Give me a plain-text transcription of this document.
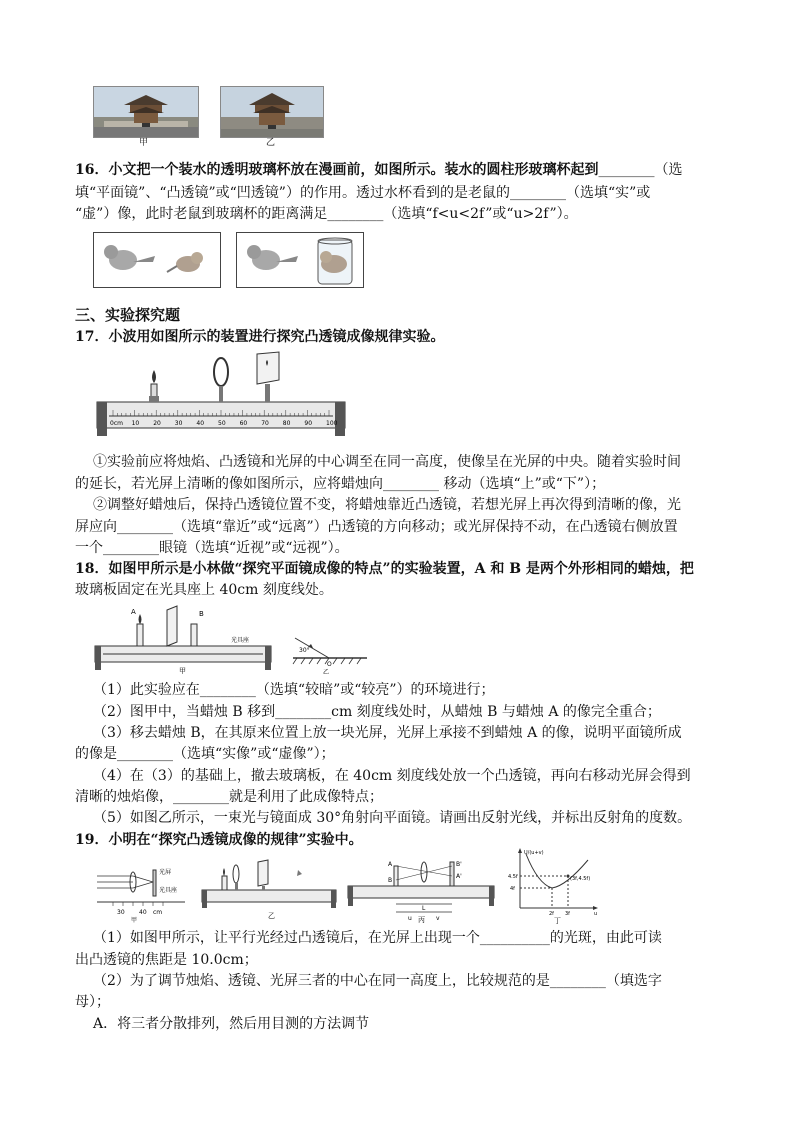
甲	乙
16．小文把一个装水的透明玻璃杯放在漫画前，如图所示。装水的圆柱形玻璃杯起到________（选
填“平面镜”、“凸透镜”或“凹透镜”）的作用。透过水杯看到的是老鼠的________（选填“实”或
“虚”）像，此时老鼠到玻璃杯的距离满足________（选填“f<u<2f”或“u>2f”）。
三、实验探究题
17．小波用如图所示的装置进行探究凸透镜成像规律实验。
0cm 10 20 30 40 50 60 70 80 90 100
①实验前应将烛焰、凸透镜和光屏的中心调至在同一高度，使像呈在光屏的中央。随着实验时间
的延长，若光屏上清晰的像如图所示，应将蜡烛向________ 移动（选填“上”或“下”）；
②调整好蜡烛后，保持凸透镜位置不变，将蜡烛靠近凸透镜，若想光屏上再次得到清晰的像，光
屏应向________（选填“靠近”或“远离”）凸透镜的方向移动；或光屏保持不动，在凸透镜右侧放置
一个________眼镜（选填“近视”或“远视”）。
18．如图甲所示是小林做“探究平面镜成像的特点”的实验装置，A 和 B 是两个外形相同的蜡烛，把
玻璃板固定在光具座上 40cm 刻度线处。
A	B
光具座
甲
30°
O
乙
（1）此实验应在________（选填“较暗”或“较亮”）的环境进行；
（2）图甲中，当蜡烛 B 移到________cm 刻度线处时，从蜡烛 B 与蜡烛 A 的像完全重合；
（3）移去蜡烛 B，在其原来位置上放一块光屏，光屏上承接不到蜡烛 A 的像，说明平面镜所成
的像是________（选填“实像”或“虚像”）；
（4）在（3）的基础上，撤去玻璃板，在 40cm 刻度线处放一个凸透镜，再向右移动光屏会得到
清晰的烛焰像，________就是利用了此成像特点；
（5）如图乙所示，一束光与镜面成 30°角射向平面镜。请画出反射光线，并标出反射角的度数。
19．小明在“探究凸透镜成像的规律”实验中。
光屏
光具座
30 40 cm
甲
乙
L
u	v
A
B
B'
A'
丙
U/(u+v)
4.5f
4f
2f 3f
(3f,4.5f)
u
丁
（1）如图甲所示，让平行光经过凸透镜后，在光屏上出现一个__________的光斑，由此可读
出凸透镜的焦距是 10.0cm；
（2）为了调节烛焰、透镜、光屏三者的中心在同一高度上，比较规范的是________（填选字
母）；
A．将三者分散排列，然后用目测的方法调节
